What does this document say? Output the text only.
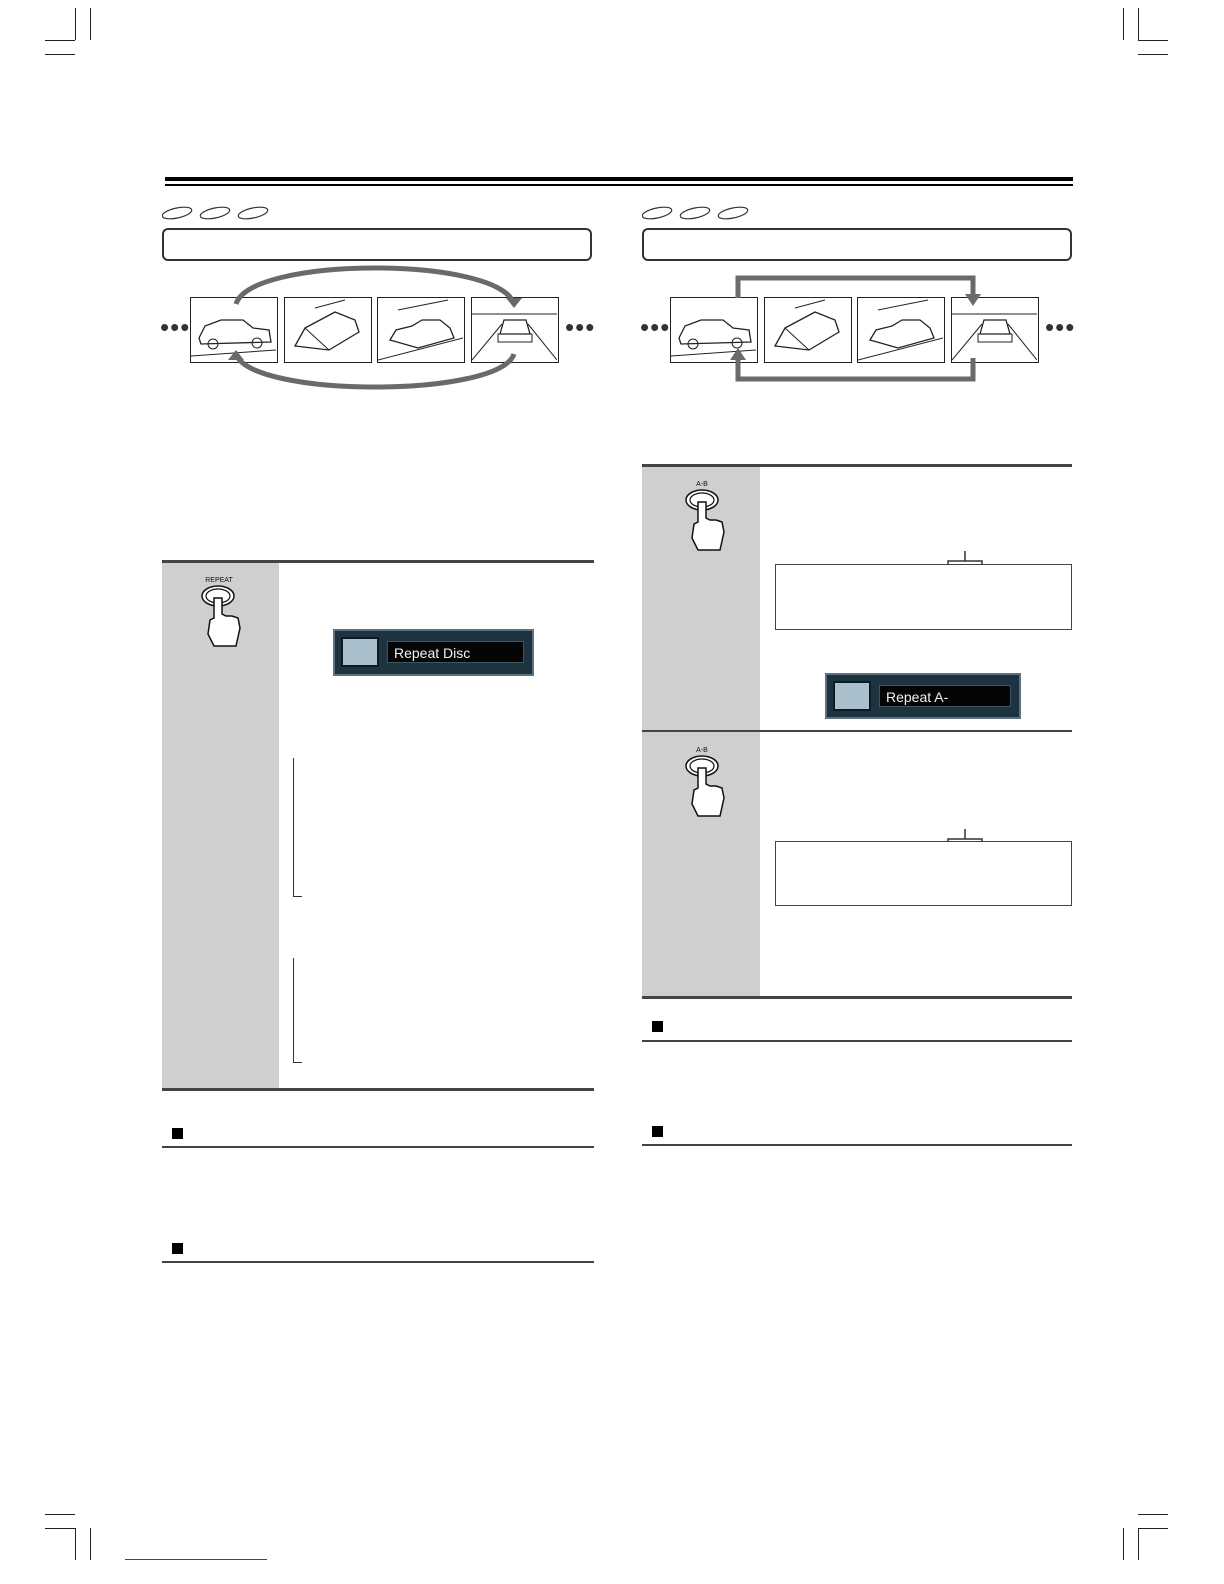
•••	•••
REPEAT
Repeat Disc
•••	•••
A-B
Repeat A-
A-B
